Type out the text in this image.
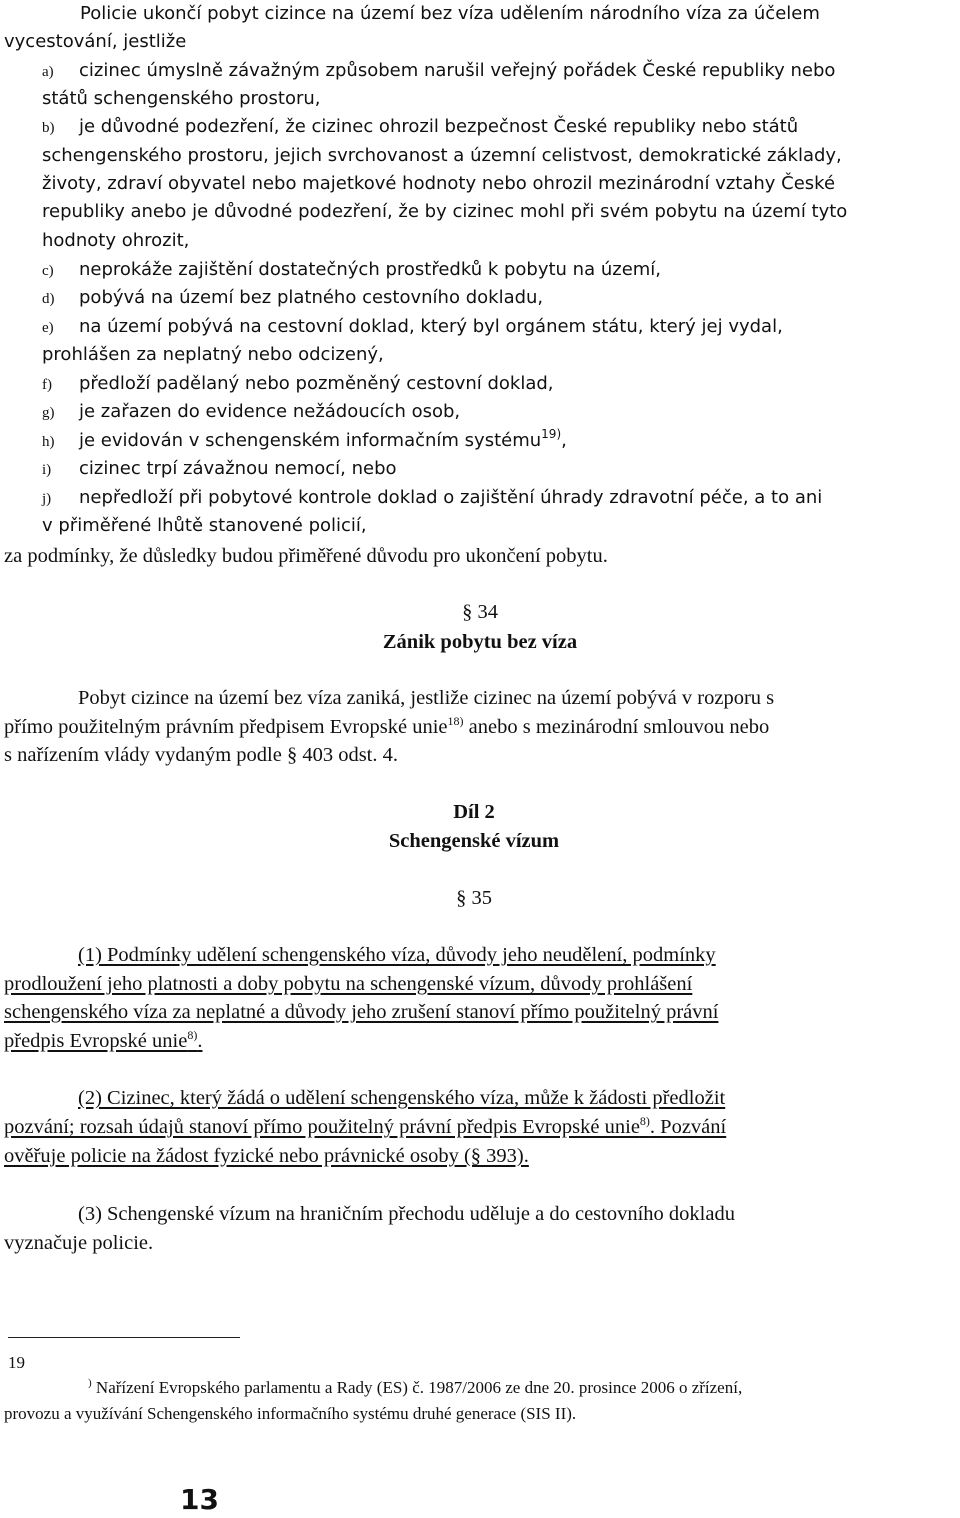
Policie ukončí pobyt cizince na území bez víza udělením národního víza za účelem
vycestování, jestliže
a) cizinec úmyslně závažným způsobem narušil veřejný pořádek České republiky nebo
států schengenského prostoru,
b) je důvodné podezření, že cizinec ohrozil bezpečnost České republiky nebo států
schengenského prostoru, jejich svrchovanost a územní celistvost, demokratické základy,
životy, zdraví obyvatel nebo majetkové hodnoty nebo ohrozil mezinárodní vztahy České
republiky anebo je důvodné podezření, že by cizinec mohl při svém pobytu na území tyto
hodnoty ohrozit,
c) neprokáže zajištění dostatečných prostředků k pobytu na území,
d) pobývá na území bez platného cestovního dokladu,
e) na území pobývá na cestovní doklad, který byl orgánem státu, který jej vydal,
prohlášen za neplatný nebo odcizený,
f) předloží padělaný nebo pozměněný cestovní doklad,
g) je zařazen do evidence nežádoucích osob,
h) je evidován v schengenském informačním systému$^{19)}$,
i) cizinec trpí závažnou nemocí, nebo
j) nepředloží při pobytové kontrole doklad o zajištění úhrady zdravotní péče, a to ani
v přiměřené lhůtě stanovené policií,
za podmínky, že důsledky budou přiměřené důvodu pro ukončení pobytu.
§ 34
Zánik pobytu bez víza
Pobyt cizince na území bez víza zaniká, jestliže cizinec na území pobývá v rozporu s
přímo použitelným právním předpisem Evropské unie$^{18)}$ anebo s mezinárodní smlouvou nebo
s nařízením vlády vydaným podle § 403 odst. 4.
Díl 2
Schengenské vízum
§ 35
(1) Podmínky udělení schengenského víza, důvody jeho neudělení, podmínky
prodloužení jeho platnosti a doby pobytu na schengenské vízum, důvody prohlášení
schengenského víza za neplatné a důvody jeho zrušení stanoví přímo použitelný právní
předpis Evropské unie$^{8)}$.
(2) Cizinec, který žádá o udělení schengenského víza, může k žádosti předložit
pozvání; rozsah údajů stanoví přímo použitelný právní předpis Evropské unie$^{8)}$. Pozvání
ověřuje policie na žádost fyzické nebo právnické osoby (§ 393).
(3) Schengenské vízum na hraničním přechodu uděluje a do cestovního dokladu
vyznačuje policie.
19
) Nařízení Evropského parlamentu a Rady (ES) č. 1987/2006 ze dne 20. prosince 2006 o zřízení,
provozu a využívání Schengenského informačního systému druhé generace (SIS II).
13
